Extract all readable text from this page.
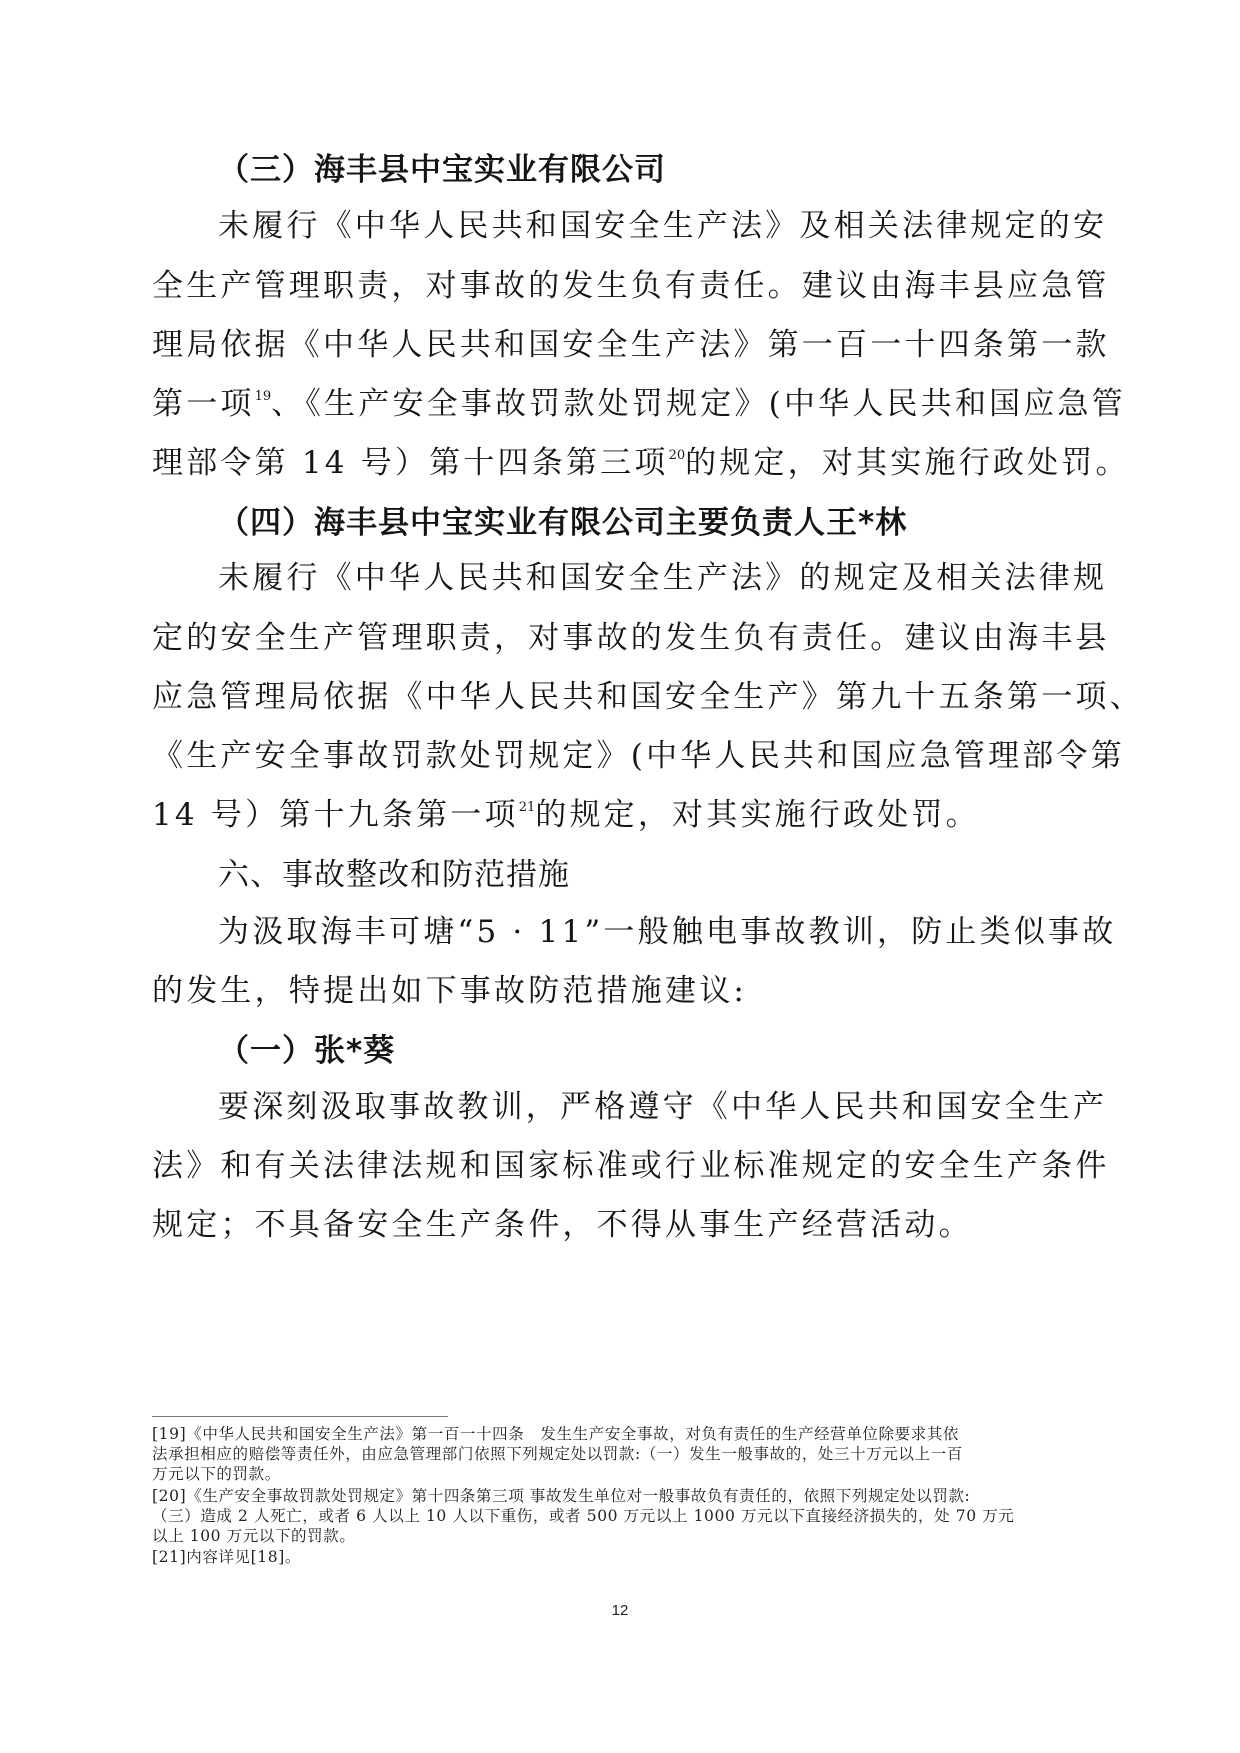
（三）海丰县中宝实业有限公司
未履行《中华人民共和国安全生产法》及相关法律规定的安
全生产管理职责，对事故的发生负有责任。建议由海丰县应急管
理局依据《中华人民共和国安全生产法》第一百一十四条第一款
第一项$^{19}$、《生产安全事故罚款处罚规定》(中华人民共和国应急管
理部令第 14 号）第十四条第三项$^{20}$的规定，对其实施行政处罚。
（四）海丰县中宝实业有限公司主要负责人王*林
未履行《中华人民共和国安全生产法》的规定及相关法律规
定的安全生产管理职责，对事故的发生负有责任。建议由海丰县
应急管理局依据《中华人民共和国安全生产》第九十五条第一项、
《生产安全事故罚款处罚规定》(中华人民共和国应急管理部令第
14 号）第十九条第一项$^{21}$的规定，对其实施行政处罚。
六、事故整改和防范措施
为汲取海丰可塘“5 · 11”一般触电事故教训，防止类似事故
的发生，特提出如下事故防范措施建议:
（一）张*葵
要深刻汲取事故教训，严格遵守《中华人民共和国安全生产
法》和有关法律法规和国家标准或行业标准规定的安全生产条件
规定；不具备安全生产条件，不得从事生产经营活动。
[19]《中华人民共和国安全生产法》第一百一十四条　发生生产安全事故，对负有责任的生产经营单位除要求其依
法承担相应的赔偿等责任外，由应急管理部门依照下列规定处以罚款:（一）发生一般事故的，处三十万元以上一百
万元以下的罚款。
[20]《生产安全事故罚款处罚规定》第十四条第三项 事故发生单位对一般事故负有责任的，依照下列规定处以罚款:
（三）造成 2 人死亡，或者 6 人以上 10 人以下重伤，或者 500 万元以上 1000 万元以下直接经济损失的，处 70 万元
以上 100 万元以下的罚款。
[21]内容详见[18]。
12
